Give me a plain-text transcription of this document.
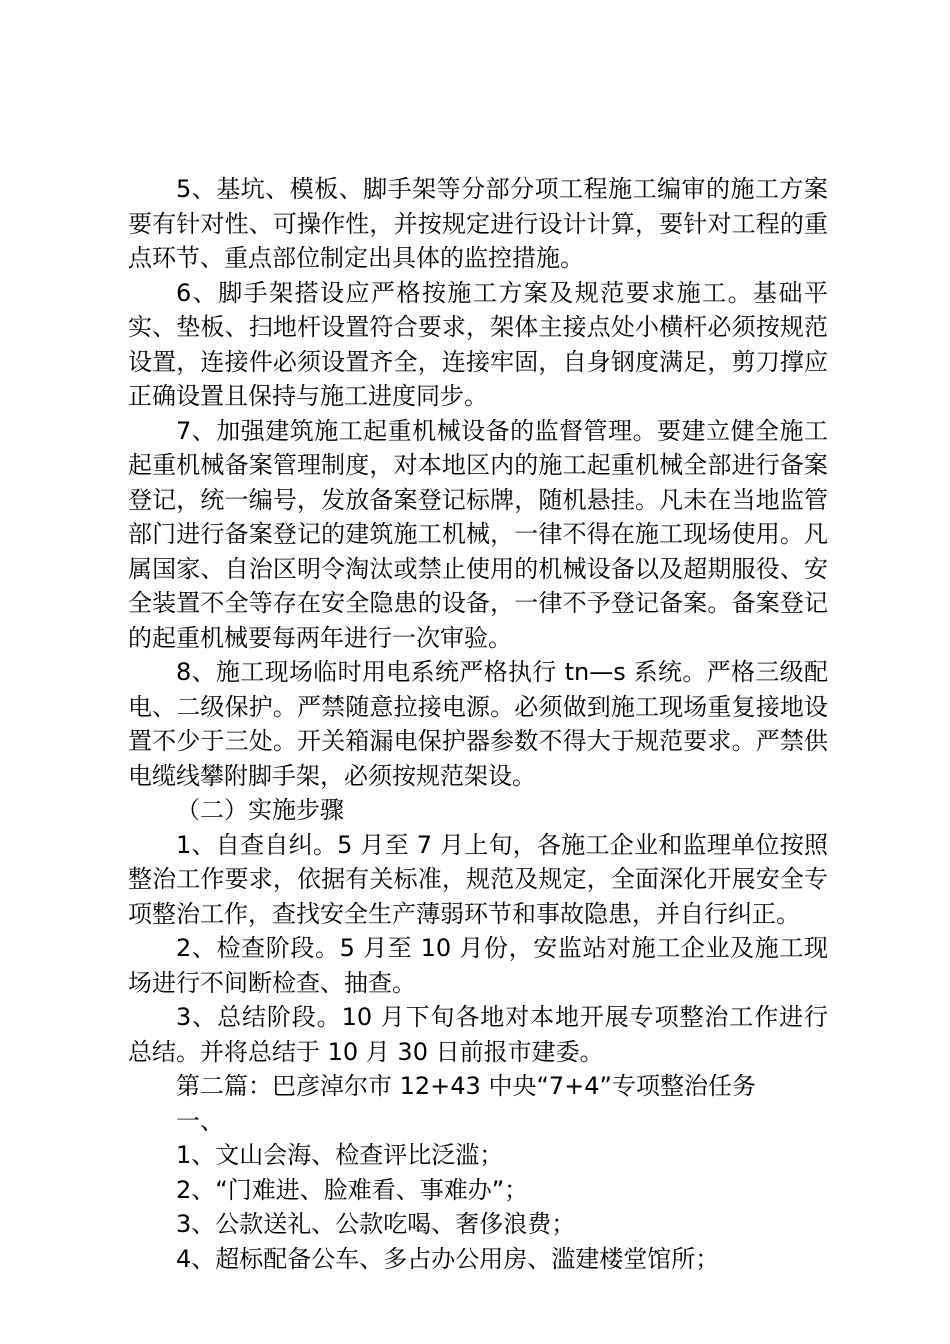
5、基坑、模板、脚手架等分部分项工程施工编审的施工方案要有针对性、可操作性，并按规定进行设计计算，要针对工程的重点环节、重点部位制定出具体的监控措施。

6、脚手架搭设应严格按施工方案及规范要求施工。基础平实、垫板、扫地杆设置符合要求，架体主接点处小横杆必须按规范设置，连接件必须设置齐全，连接牢固，自身钢度满足，剪刀撑应正确设置且保持与施工进度同步。

7、加强建筑施工起重机械设备的监督管理。要建立健全施工起重机械备案管理制度，对本地区内的施工起重机械全部进行备案登记，统一编号，发放备案登记标牌，随机悬挂。凡未在当地监管部门进行备案登记的建筑施工机械，一律不得在施工现场使用。凡属国家、自治区明令淘汰或禁止使用的机械设备以及超期服役、安全装置不全等存在安全隐患的设备，一律不予登记备案。备案登记的起重机械要每两年进行一次审验。

8、施工现场临时用电系统严格执行 tn—s 系统。严格三级配电、二级保护。严禁随意拉接电源。必须做到施工现场重复接地设置不少于三处。开关箱漏电保护器参数不得大于规范要求。严禁供电缆线攀附脚手架，必须按规范架设。

（二）实施步骤

1、自查自纠。5 月至 7 月上旬，各施工企业和监理单位按照整治工作要求，依据有关标准，规范及规定，全面深化开展安全专项整治工作，查找安全生产薄弱环节和事故隐患，并自行纠正。

2、检查阶段。5 月至 10 月份，安监站对施工企业及施工现场进行不间断检查、抽查。

3、总结阶段。10 月下旬各地对本地开展专项整治工作进行总结。并将总结于 10 月 30 日前报市建委。

第二篇：巴彦淖尔市 12+43 中央“7+4”专项整治任务

一、

1、文山会海、检查评比泛滥；

2、“门难进、脸难看、事难办”；

3、公款送礼、公款吃喝、奢侈浪费；

4、超标配备公车、多占办公用房、滥建楼堂馆所；
